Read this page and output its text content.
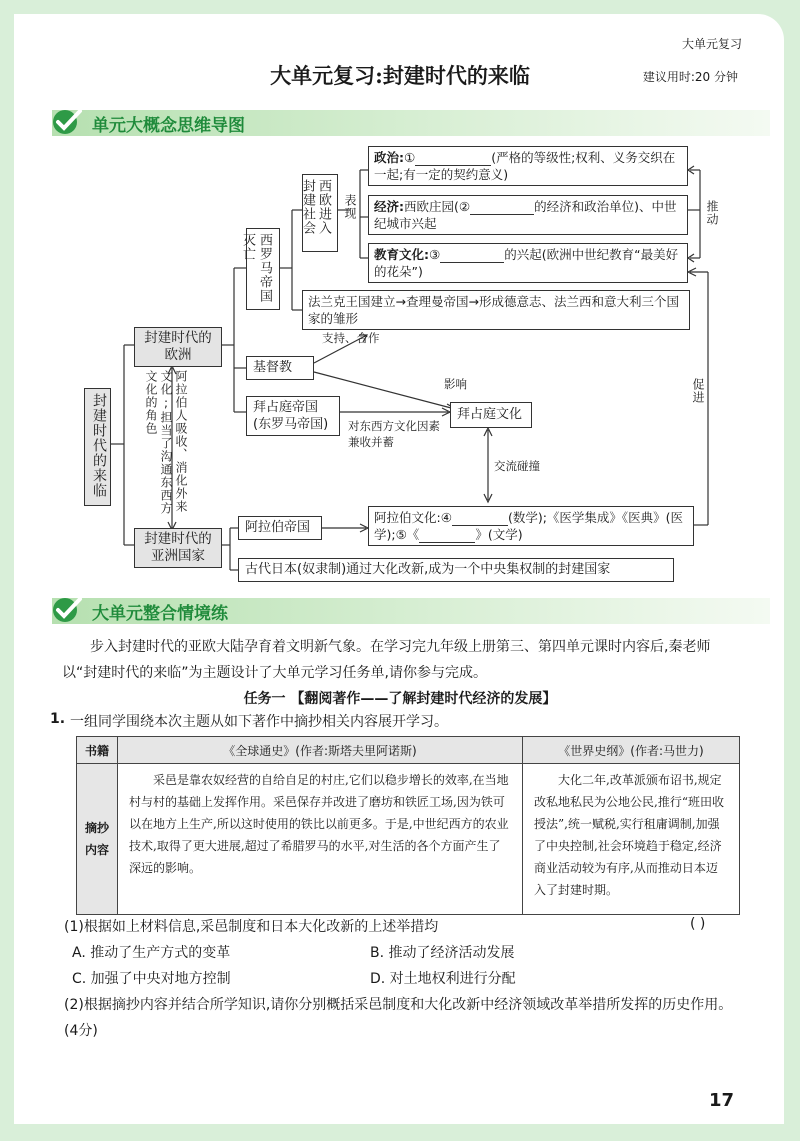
大单元复习
大单元复习:封建时代的来临	建议用时:20 分钟
单元大概念思维导图
封建时代的来临
封建时代的欧洲
封建时代的亚洲国家
阿拉伯人吸收、消化外来文化;担当了沟通东西方文化的角色
西罗马帝国灭亡
西欧进入封建社会	表现
政治:①	(严格的等级性;权利、义务交织在一起;有一定的契约意义)
经济:西欧庄园(②	的经济和政治单位)、中世纪城市兴起
教育文化:③	的兴起(欧洲中世纪教育“最美好的花朵”)
推动
法兰克王国建立→查理曼帝国→形成德意志、法兰西和意大利三个国家的雏形
支持、合作
基督教
影响	促进
拜占庭帝国(东罗马帝国)	对东西方文化因素兼收并蓄
拜占庭文化
交流碰撞
阿拉伯帝国
阿拉伯文化:④	(数学);《医学集成》《医典》(医学);⑤《	》(文学)
古代日本(奴隶制)通过大化改新,成为一个中央集权制的封建国家
大单元整合情境练
步入封建时代的亚欧大陆孕育着文明新气象。在学习完九年级上册第三、第四单元课时内容后,秦老师以“封建时代的来临”为主题设计了大单元学习任务单,请你参与完成。
任务一 【翻阅著作——了解封建时代经济的发展】
1. 一组同学围绕本次主题从如下著作中摘抄相关内容展开学习。
书籍	《全球通史》(作者:斯塔夫里阿诺斯)	《世界史纲》(作者:马世力)
摘抄内容	采邑是靠农奴经营的自给自足的村庄,它们以稳步增长的效率,在当地村与村的基础上发挥作用。采邑保存并改进了磨坊和铁匠工场,因为铁可以在地方上生产,所以这时使用的铁比以前更多。于是,中世纪西方的农业技术,取得了更大进展,超过了希腊罗马的水平,对生活的各个方面产生了深远的影响。	大化二年,改革派颁布诏书,规定改私地私民为公地公民,推行“班田收授法”,统一赋税,实行租庸调制,加强了中央控制,社会环境趋于稳定,经济商业活动较为有序,从而推动日本迈入了封建时期。
(1)根据如上材料信息,采邑制度和日本大化改新的上述举措均	( )
A. 推动了生产方式的变革	B. 推动了经济活动发展
C. 加强了中央对地方控制	D. 对土地权利进行分配
(2)根据摘抄内容并结合所学知识,请你分别概括采邑制度和大化改新中经济领域改革举措所发挥的历史作用。(4分)
17
